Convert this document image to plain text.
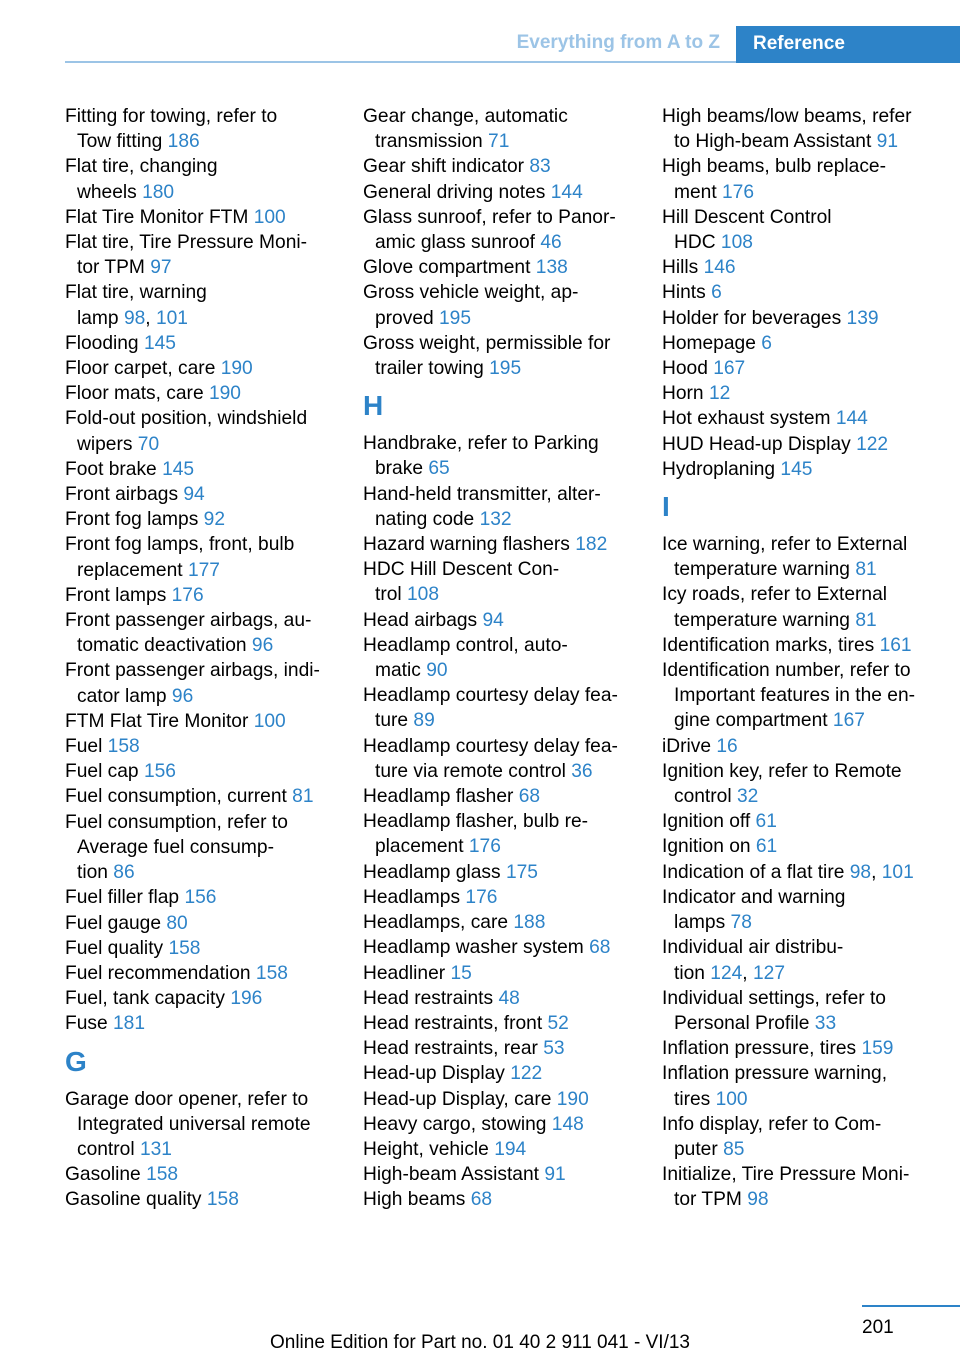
Everything from A to Z Reference
Fitting for towing, refer to
Tow fitting 186
Flat tire, changing
wheels 180
Flat Tire Monitor FTM 100
Flat tire, Tire Pressure Moni-
tor TPM 97
Flat tire, warning
lamp 98, 101
Flooding 145
Floor carpet, care 190
Floor mats, care 190
Fold-out position, windshield
wipers 70
Foot brake 145
Front airbags 94
Front fog lamps 92
Front fog lamps, front, bulb
replacement 177
Front lamps 176
Front passenger airbags, au-
tomatic deactivation 96
Front passenger airbags, indi-
cator lamp 96
FTM Flat Tire Monitor 100
Fuel 158
Fuel cap 156
Fuel consumption, current 81
Fuel consumption, refer to
Average fuel consump-
tion 86
Fuel filler flap 156
Fuel gauge 80
Fuel quality 158
Fuel recommendation 158
Fuel, tank capacity 196
Fuse 181
G
Garage door opener, refer to
Integrated universal remote
control 131
Gasoline 158
Gasoline quality 158
Gear change, automatic
transmission 71
Gear shift indicator 83
General driving notes 144
Glass sunroof, refer to Panor-
amic glass sunroof 46
Glove compartment 138
Gross vehicle weight, ap-
proved 195
Gross weight, permissible for
trailer towing 195
H
Handbrake, refer to Parking
brake 65
Hand-held transmitter, alter-
nating code 132
Hazard warning flashers 182
HDC Hill Descent Con-
trol 108
Head airbags 94
Headlamp control, auto-
matic 90
Headlamp courtesy delay fea-
ture 89
Headlamp courtesy delay fea-
ture via remote control 36
Headlamp flasher 68
Headlamp flasher, bulb re-
placement 176
Headlamp glass 175
Headlamps 176
Headlamps, care 188
Headlamp washer system 68
Headliner 15
Head restraints 48
Head restraints, front 52
Head restraints, rear 53
Head-up Display 122
Head-up Display, care 190
Heavy cargo, stowing 148
Height, vehicle 194
High-beam Assistant 91
High beams 68
High beams/low beams, refer
to High-beam Assistant 91
High beams, bulb replace-
ment 176
Hill Descent Control
HDC 108
Hills 146
Hints 6
Holder for beverages 139
Homepage 6
Hood 167
Horn 12
Hot exhaust system 144
HUD Head-up Display 122
Hydroplaning 145
I
Ice warning, refer to External
temperature warning 81
Icy roads, refer to External
temperature warning 81
Identification marks, tires 161
Identification number, refer to
Important features in the en-
gine compartment 167
iDrive 16
Ignition key, refer to Remote
control 32
Ignition off 61
Ignition on 61
Indication of a flat tire 98, 101
Indicator and warning
lamps 78
Individual air distribu-
tion 124, 127
Individual settings, refer to
Personal Profile 33
Inflation pressure, tires 159
Inflation pressure warning,
tires 100
Info display, refer to Com-
puter 85
Initialize, Tire Pressure Moni-
tor TPM 98
201
Online Edition for Part no. 01 40 2 911 041 - VI/13
